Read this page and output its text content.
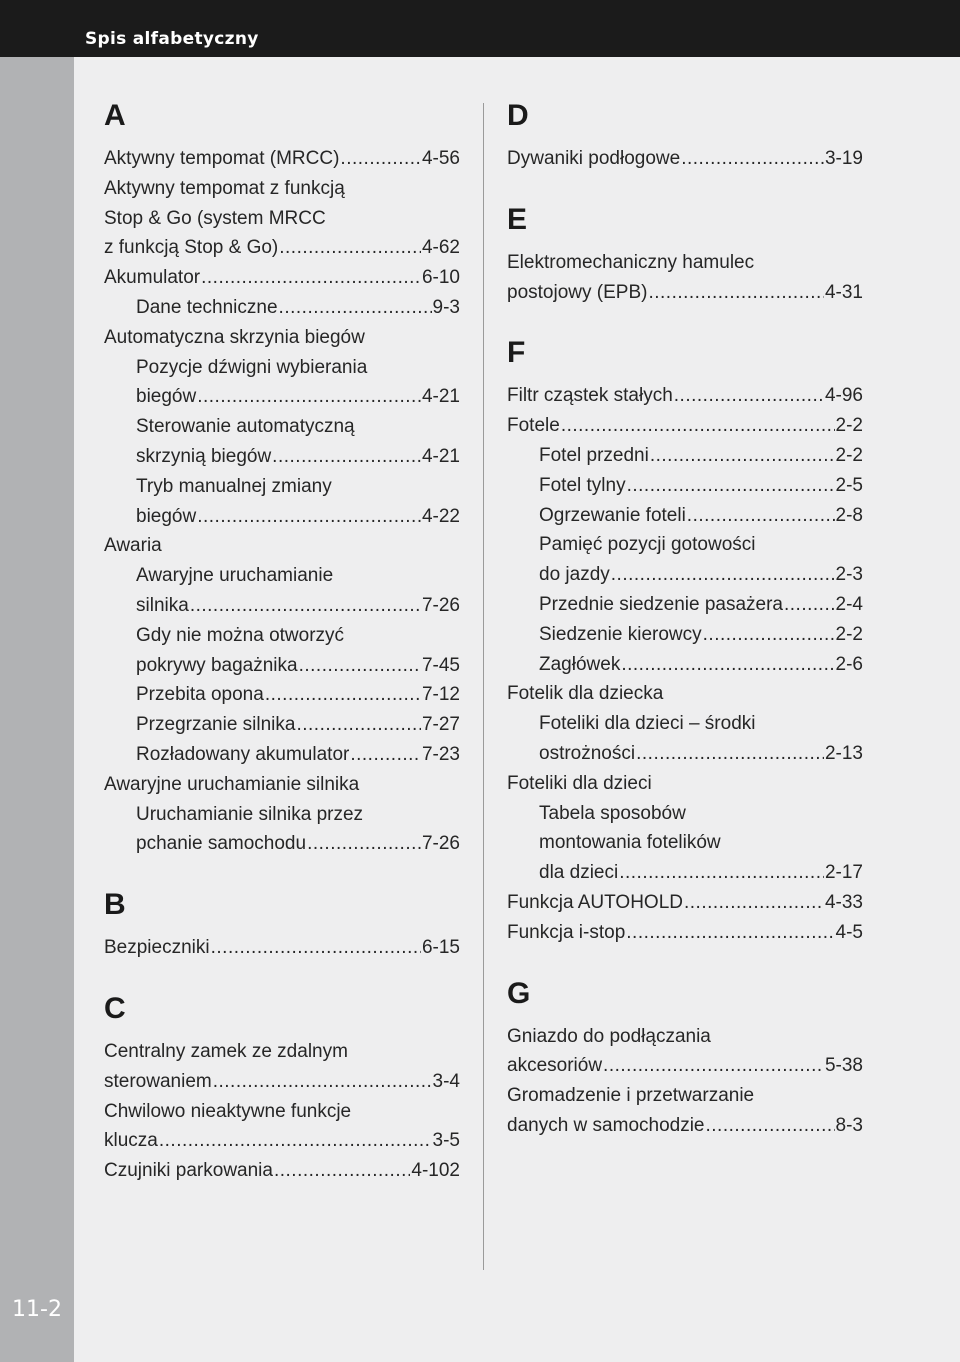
Spis alfabetyczny
11-2
A
Aktywny tempomat (MRCC) .....	4-56
Aktywny tempomat z funkcją
Stop & Go (system MRCC
z funkcją Stop & Go) .....	4-62
Akumulator .....	6-10
Dane techniczne .....	9-3
Automatyczna skrzynia biegów
Pozycje dźwigni wybierania
biegów .....	4-21
Sterowanie automatyczną
skrzynią biegów .....	4-21
Tryb manualnej zmiany
biegów .....	4-22
Awaria
Awaryjne uruchamianie
silnika .....	7-26
Gdy nie można otworzyć
pokrywy bagażnika .....	7-45
Przebita opona .....	7-12
Przegrzanie silnika .....	7-27
Rozładowany akumulator .....	7-23
Awaryjne uruchamianie silnika
Uruchamianie silnika przez
pchanie samochodu .....	7-26
B
Bezpieczniki .....	6-15
C
Centralny zamek ze zdalnym
sterowaniem .....	3-4
Chwilowo nieaktywne funkcje
klucza .....	3-5
Czujniki parkowania .....	4-102
D
Dywaniki podłogowe .....	3-19
E
Elektromechaniczny hamulec
postojowy (EPB) .....	4-31
F
Filtr cząstek stałych .....	4-96
Fotele .....	2-2
Fotel przedni .....	2-2
Fotel tylny .....	2-5
Ogrzewanie foteli .....	2-8
Pamięć pozycji gotowości
do jazdy .....	2-3
Przednie siedzenie pasażera .....	2-4
Siedzenie kierowcy .....	2-2
Zagłówek .....	2-6
Fotelik dla dziecka
Foteliki dla dzieci – środki
ostrożności .....	2-13
Foteliki dla dzieci
Tabela sposobów
montowania fotelików
dla dzieci .....	2-17
Funkcja AUTOHOLD .....	4-33
Funkcja i-stop .....	4-5
G
Gniazdo do podłączania
akcesoriów .....	5-38
Gromadzenie i przetwarzanie
danych w samochodzie .....	8-3
